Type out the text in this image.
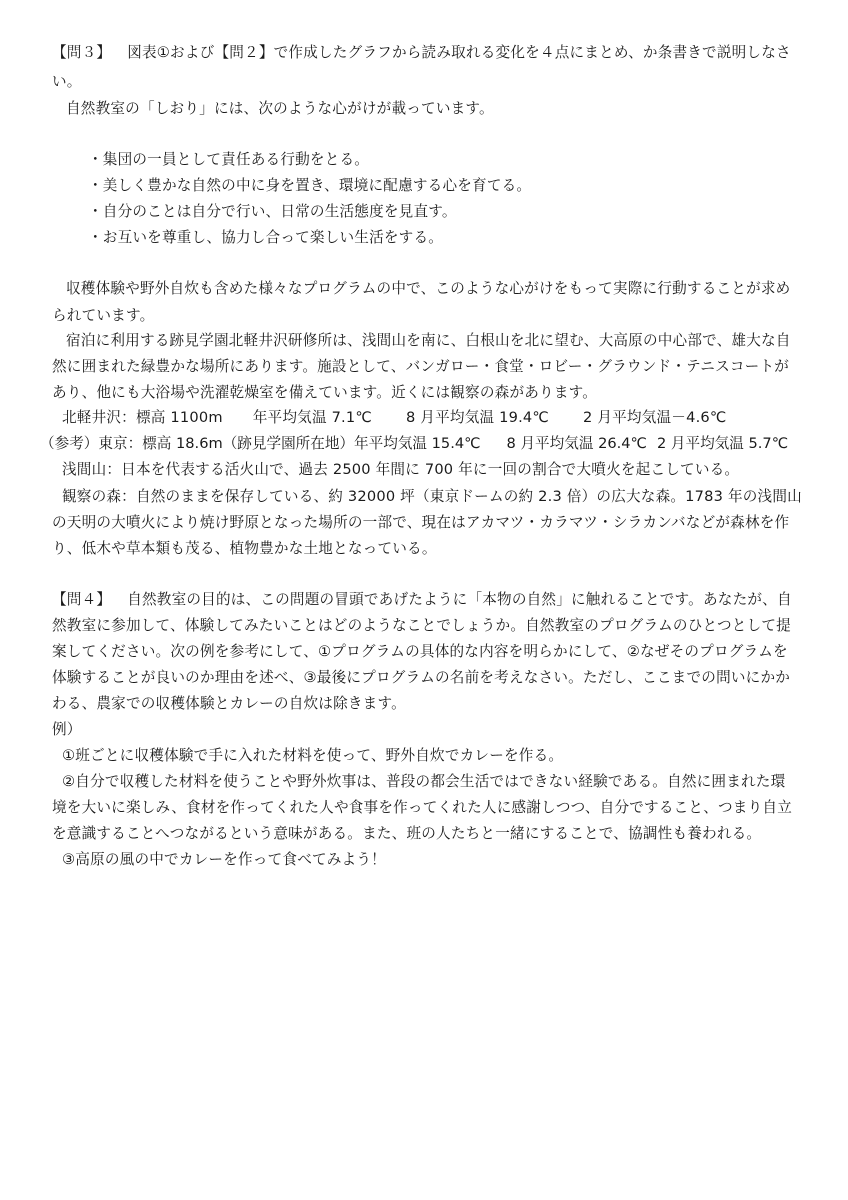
【問３】 図表①および【問２】で作成したグラフから読み取れる変化を４点にまとめ、か条書きで説明しなさ
い。
自然教室の「しおり」には、次のような心がけが載っています。
・集団の一員として責任ある行動をとる。
・美しく豊かな自然の中に身を置き、環境に配慮する心を育てる。
・自分のことは自分で行い、日常の生活態度を見直す。
・お互いを尊重し、協力し合って楽しい生活をする。
収穫体験や野外自炊も含めた様々なプログラムの中で、このような心がけをもって実際に行動することが求め
られています。
宿泊に利用する跡見学園北軽井沢研修所は、浅間山を南に、白根山を北に望む、大高原の中心部で、雄大な自
然に囲まれた緑豊かな場所にあります。施設として、バンガロー・食堂・ロビー・グラウンド・テニスコートが
あり、他にも大浴場や洗濯乾燥室を備えています。近くには観察の森があります。
北軽井沢：標高 1100m 年平均気温 7.1℃ 8 月平均気温 19.4℃ 2 月平均気温－4.6℃
（参考）東京：標高 18.6m（跡見学園所在地）年平均気温 15.4℃ 8 月平均気温 26.4℃ 2 月平均気温 5.7℃
浅間山：日本を代表する活火山で、過去 2500 年間に 700 年に一回の割合で大噴火を起こしている。
観察の森：自然のままを保存している、約 32000 坪（東京ドームの約 2.3 倍）の広大な森。1783 年の浅間山
の天明の大噴火により焼け野原となった場所の一部で、現在はアカマツ・カラマツ・シラカンバなどが森林を作
り、低木や草本類も茂る、植物豊かな土地となっている。
【問４】 自然教室の目的は、この問題の冒頭であげたように「本物の自然」に触れることです。あなたが、自
然教室に参加して、体験してみたいことはどのようなことでしょうか。自然教室のプログラムのひとつとして提
案してください。次の例を参考にして、①プログラムの具体的な内容を明らかにして、②なぜそのプログラムを
体験することが良いのか理由を述べ、③最後にプログラムの名前を考えなさい。ただし、ここまでの問いにかか
わる、農家での収穫体験とカレーの自炊は除きます。
例）
①班ごとに収穫体験で手に入れた材料を使って、野外自炊でカレーを作る。
②自分で収穫した材料を使うことや野外炊事は、普段の都会生活ではできない経験である。自然に囲まれた環
境を大いに楽しみ、食材を作ってくれた人や食事を作ってくれた人に感謝しつつ、自分ですること、つまり自立
を意識することへつながるという意味がある。また、班の人たちと一緒にすることで、協調性も養われる。
③高原の風の中でカレーを作って食べてみよう！
